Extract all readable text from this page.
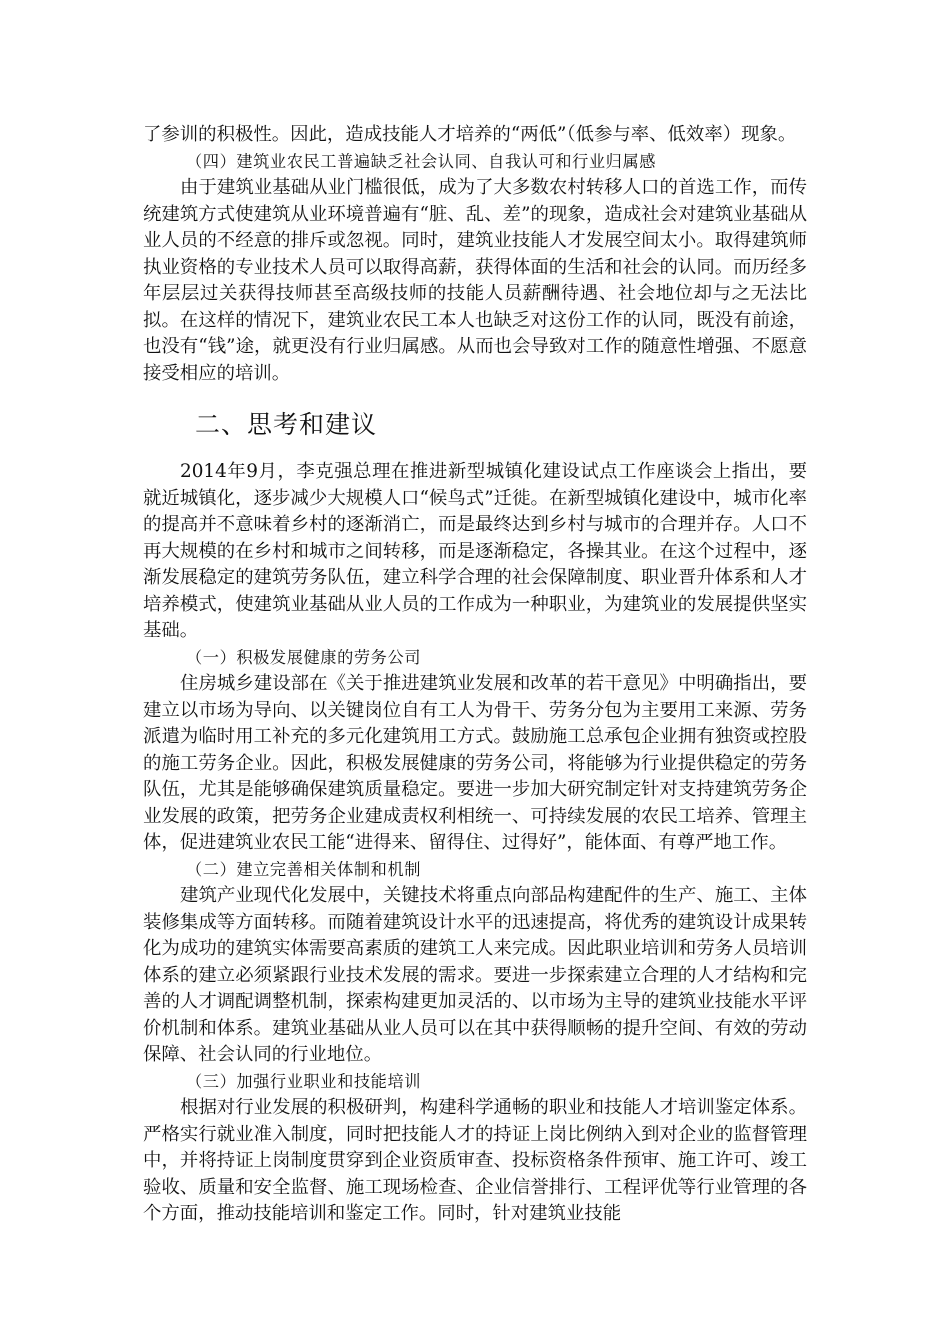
了参训的积极性。因此，造成技能人才培养的“两低”（低参与率、低效率）现象。

（四）建筑业农民工普遍缺乏社会认同、自我认可和行业归属感

由于建筑业基础从业门槛很低，成为了大多数农村转移人口的首选工作，而传统建筑方式使建筑从业环境普遍有“脏、乱、差”的现象，造成社会对建筑业基础从业人员的不经意的排斥或忽视。同时，建筑业技能人才发展空间太小。取得建筑师执业资格的专业技术人员可以取得高薪，获得体面的生活和社会的认同。而历经多年层层过关获得技师甚至高级技师的技能人员薪酬待遇、社会地位却与之无法比拟。在这样的情况下，建筑业农民工本人也缺乏对这份工作的认同，既没有前途，也没有“钱”途，就更没有行业归属感。从而也会导致对工作的随意性增强、不愿意接受相应的培训。

二、思考和建议

2014年9月，李克强总理在推进新型城镇化建设试点工作座谈会上指出，要就近城镇化，逐步减少大规模人口“候鸟式”迁徙。在新型城镇化建设中，城市化率的提高并不意味着乡村的逐渐消亡，而是最终达到乡村与城市的合理并存。人口不再大规模的在乡村和城市之间转移，而是逐渐稳定，各操其业。在这个过程中，逐渐发展稳定的建筑劳务队伍，建立科学合理的社会保障制度、职业晋升体系和人才培养模式，使建筑业基础从业人员的工作成为一种职业，为建筑业的发展提供坚实基础。

（一）积极发展健康的劳务公司

住房城乡建设部在《关于推进建筑业发展和改革的若干意见》中明确指出，要建立以市场为导向、以关键岗位自有工人为骨干、劳务分包为主要用工来源、劳务派遣为临时用工补充的多元化建筑用工方式。鼓励施工总承包企业拥有独资或控股的施工劳务企业。因此，积极发展健康的劳务公司，将能够为行业提供稳定的劳务队伍，尤其是能够确保建筑质量稳定。要进一步加大研究制定针对支持建筑劳务企业发展的政策，把劳务企业建成责权利相统一、可持续发展的农民工培养、管理主体，促进建筑业农民工能“进得来、留得住、过得好”，能体面、有尊严地工作。

（二）建立完善相关体制和机制

建筑产业现代化发展中，关键技术将重点向部品构建配件的生产、施工、主体装修集成等方面转移。而随着建筑设计水平的迅速提高，将优秀的建筑设计成果转化为成功的建筑实体需要高素质的建筑工人来完成。因此职业培训和劳务人员培训体系的建立必须紧跟行业技术发展的需求。要进一步探索建立合理的人才结构和完善的人才调配调整机制，探索构建更加灵活的、以市场为主导的建筑业技能水平评价机制和体系。建筑业基础从业人员可以在其中获得顺畅的提升空间、有效的劳动保障、社会认同的行业地位。

（三）加强行业职业和技能培训

根据对行业发展的积极研判，构建科学通畅的职业和技能人才培训鉴定体系。严格实行就业准入制度，同时把技能人才的持证上岗比例纳入到对企业的监督管理中，并将持证上岗制度贯穿到企业资质审查、投标资格条件预审、施工许可、竣工验收、质量和安全监督、施工现场检查、企业信誉排行、工程评优等行业管理的各个方面，推动技能培训和鉴定工作。同时，针对建筑业技能
